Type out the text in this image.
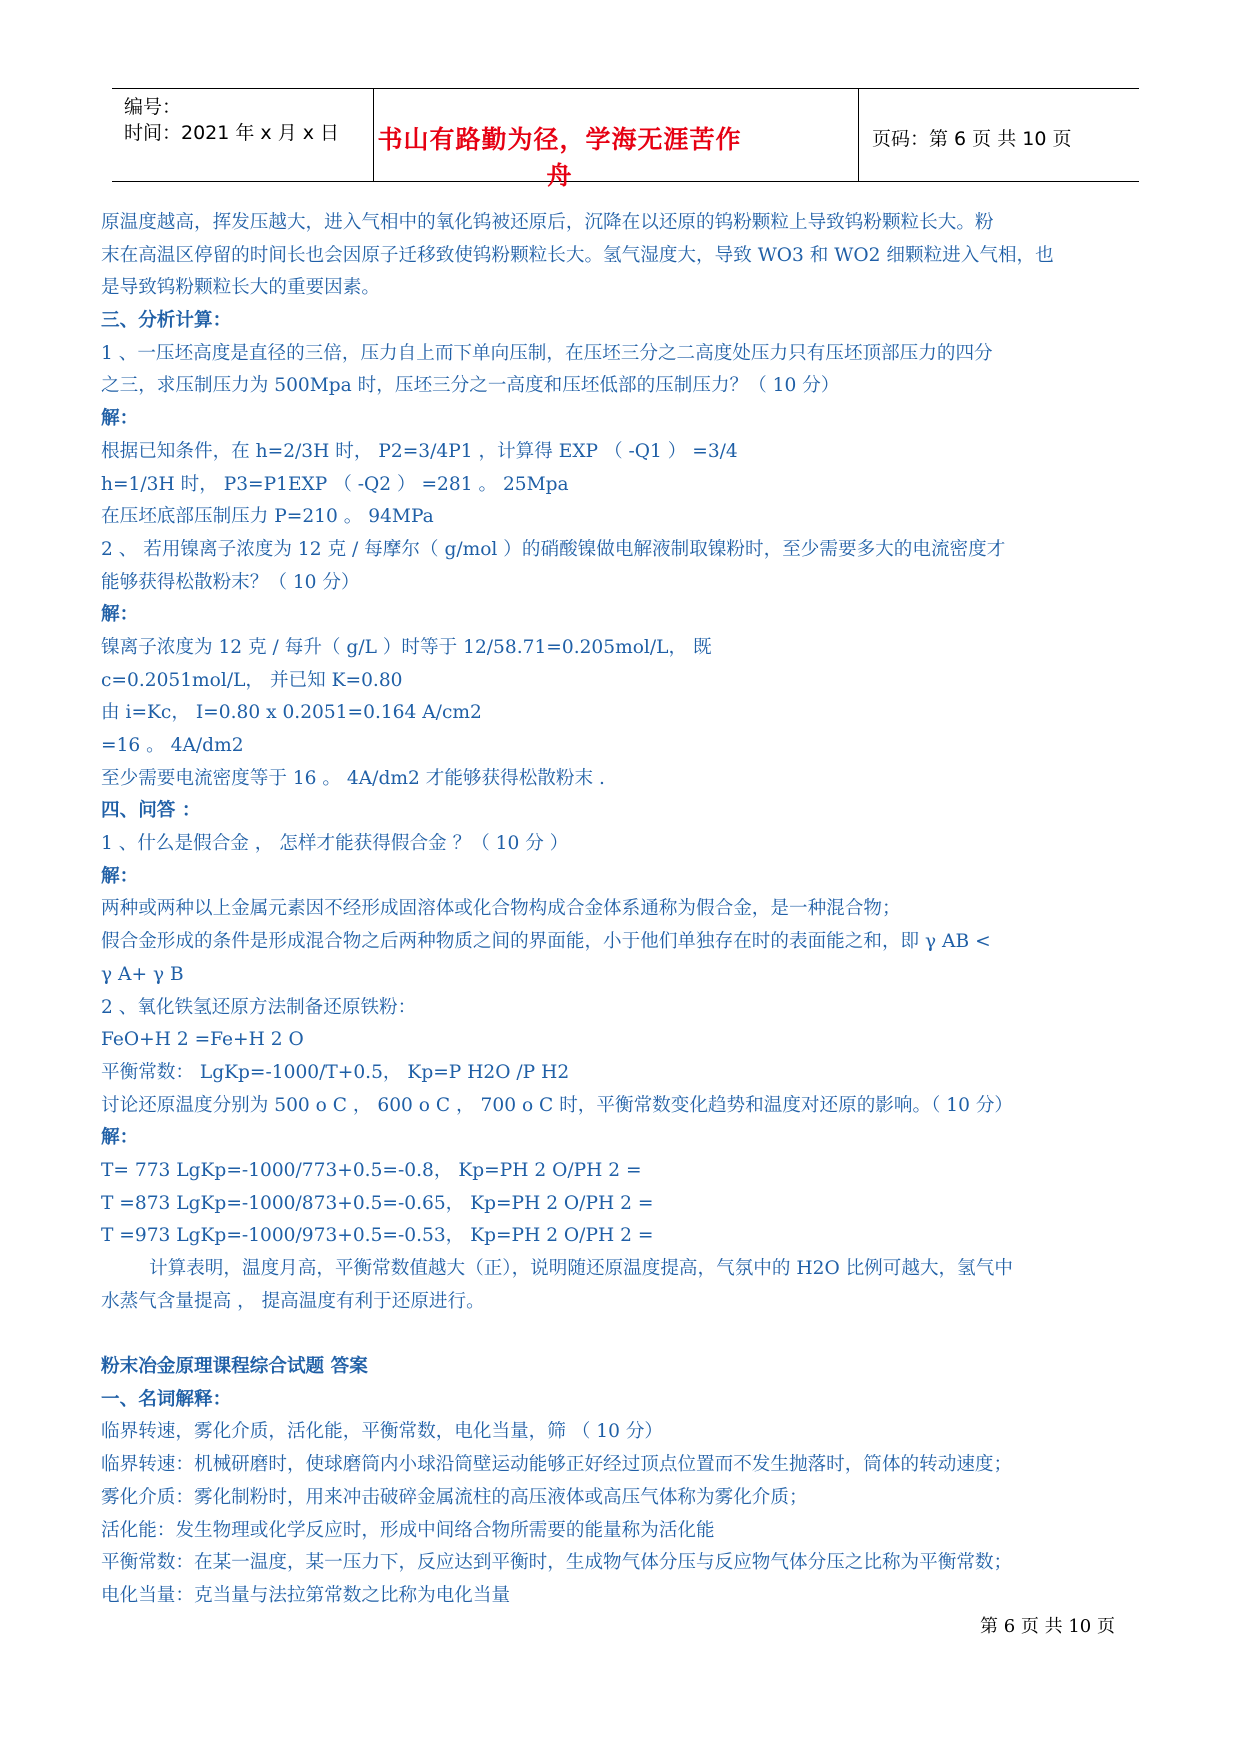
编号：
时间：2021 年 x 月 x 日	书山有路勤为径，学海无涯苦作舟
页码：第 6 页 共 10 页
原温度越高，挥发压越大，进入气相中的氧化钨被还原后，沉降在以还原的钨粉颗粒上导致钨粉颗粒长大。粉
末在高温区停留的时间长也会因原子迁移致使钨粉颗粒长大。氢气湿度大，导致 WO3 和 WO2 细颗粒进入气相，也
是导致钨粉颗粒长大的重要因素。
三、分析计算：
1 、一压坯高度是直径的三倍，压力自上而下单向压制，在压坯三分之二高度处压力只有压坯顶部压力的四分
之三，求压制压力为 500Mpa 时，压坯三分之一高度和压坯低部的压制压力？（ 10 分）
解：
根据已知条件，在 h=2/3H 时， P2=3/4P1 ，计算得 EXP （ -Q1 ） =3/4
h=1/3H 时， P3=P1EXP （ -Q2 ） =281 。 25Mpa
在压坯底部压制压力 P=210 。 94MPa
2 、 若用镍离子浓度为 12 克 / 每摩尔（ g/mol ）的硝酸镍做电解液制取镍粉时，至少需要多大的电流密度才
能够获得松散粉末？（ 10 分）
解：
镍离子浓度为 12 克 / 每升（ g/L ）时等于 12/58.71=0.205mol/L， 既
c=0.2051mol/L， 并已知 K=0.80
由 i=Kc， I=0.80 x 0.2051=0.164 A/cm2
=16 。 4A/dm2
至少需要电流密度等于 16 。 4A/dm2 才能够获得松散粉末 .
四、问答 ：
1 、什么是假合金 ， 怎样才能获得假合金 ？（ 10 分 ）
解：
两种或两种以上金属元素因不经形成固溶体或化合物构成合金体系通称为假合金，是一种混合物；
假合金形成的条件是形成混合物之后两种物质之间的界面能，小于他们单独存在时的表面能之和，即 γ AB <
γ A+ γ B
2 、氧化铁氢还原方法制备还原铁粉：
FeO+H 2 =Fe+H 2 O
平衡常数： LgKp=-1000/T+0.5， Kp=P H2O /P H2
讨论还原温度分别为 500 o C ， 600 o C ， 700 o C 时，平衡常数变化趋势和温度对还原的影响。（ 10 分）
解：
T= 773 LgKp=-1000/773+0.5=-0.8， Kp=PH 2 O/PH 2 =
T =873 LgKp=-1000/873+0.5=-0.65， Kp=PH 2 O/PH 2 =
T =973 LgKp=-1000/973+0.5=-0.53， Kp=PH 2 O/PH 2 =
计算表明，温度月高，平衡常数值越大（正），说明随还原温度提高，气氛中的 H2O 比例可越大，氢气中
水蒸气含量提高 ， 提高温度有利于还原进行。
粉末冶金原理课程综合试题 答案
一、名词解释：
临界转速，雾化介质，活化能，平衡常数，电化当量，筛 （ 10 分）
临界转速：机械研磨时，使球磨筒内小球沿筒壁运动能够正好经过顶点位置而不发生抛落时，筒体的转动速度；
雾化介质：雾化制粉时，用来冲击破碎金属流柱的高压液体或高压气体称为雾化介质；
活化能：发生物理或化学反应时，形成中间络合物所需要的能量称为活化能
平衡常数：在某一温度，某一压力下，反应达到平衡时，生成物气体分压与反应物气体分压之比称为平衡常数；
电化当量：克当量与法拉第常数之比称为电化当量
第 6 页 共 10 页
